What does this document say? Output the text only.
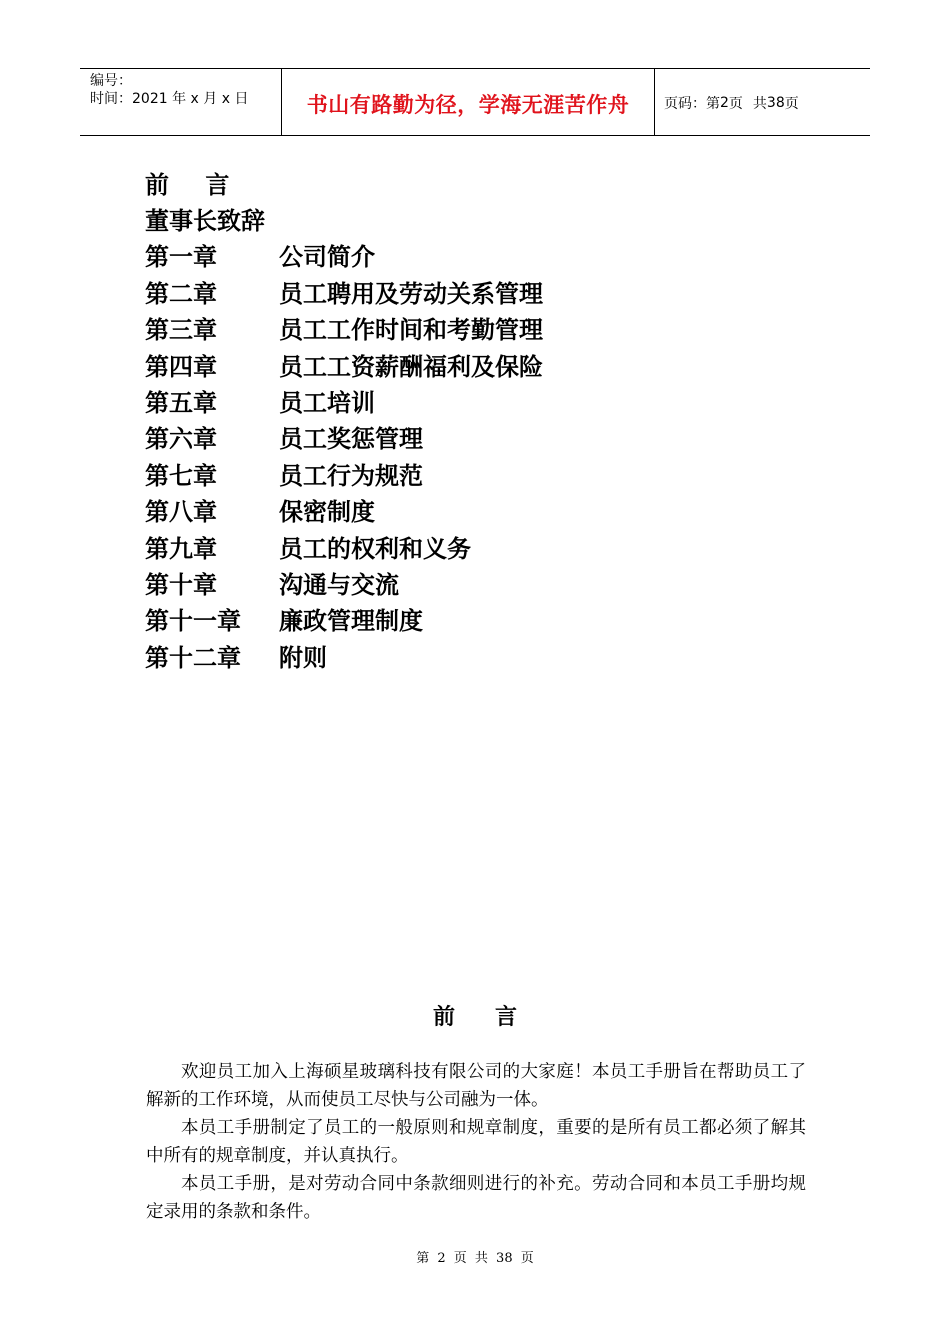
编号：
时间：2021 年 x 月 x 日	书山有路勤为径，学海无涯苦作舟 页码：第 2 页 共 38 页
前 言
董事长致辞
第一章	公司简介
第二章	员工聘用及劳动关系管理
第三章	员工工作时间和考勤管理
第四章	员工工资薪酬福利及保险
第五章	员工培训
第六章	员工奖惩管理
第七章	员工行为规范
第八章	保密制度
第九章	员工的权利和义务
第十章	沟通与交流
第十一章	廉政管理制度
第十二章	附则
前言

欢迎员工加入上海硕星玻璃科技有限公司的大家庭！本员工手册旨在帮助员工了解新的工作环境，从而使员工尽快与公司融为一体。

本员工手册制定了员工的一般原则和规章制度，重要的是所有员工都必须了解其中所有的规章制度，并认真执行。

本员工手册，是对劳动合同中条款细则进行的补充。劳动合同和本员工手册均规定录用的条款和条件。

第 2 页 共 38 页
